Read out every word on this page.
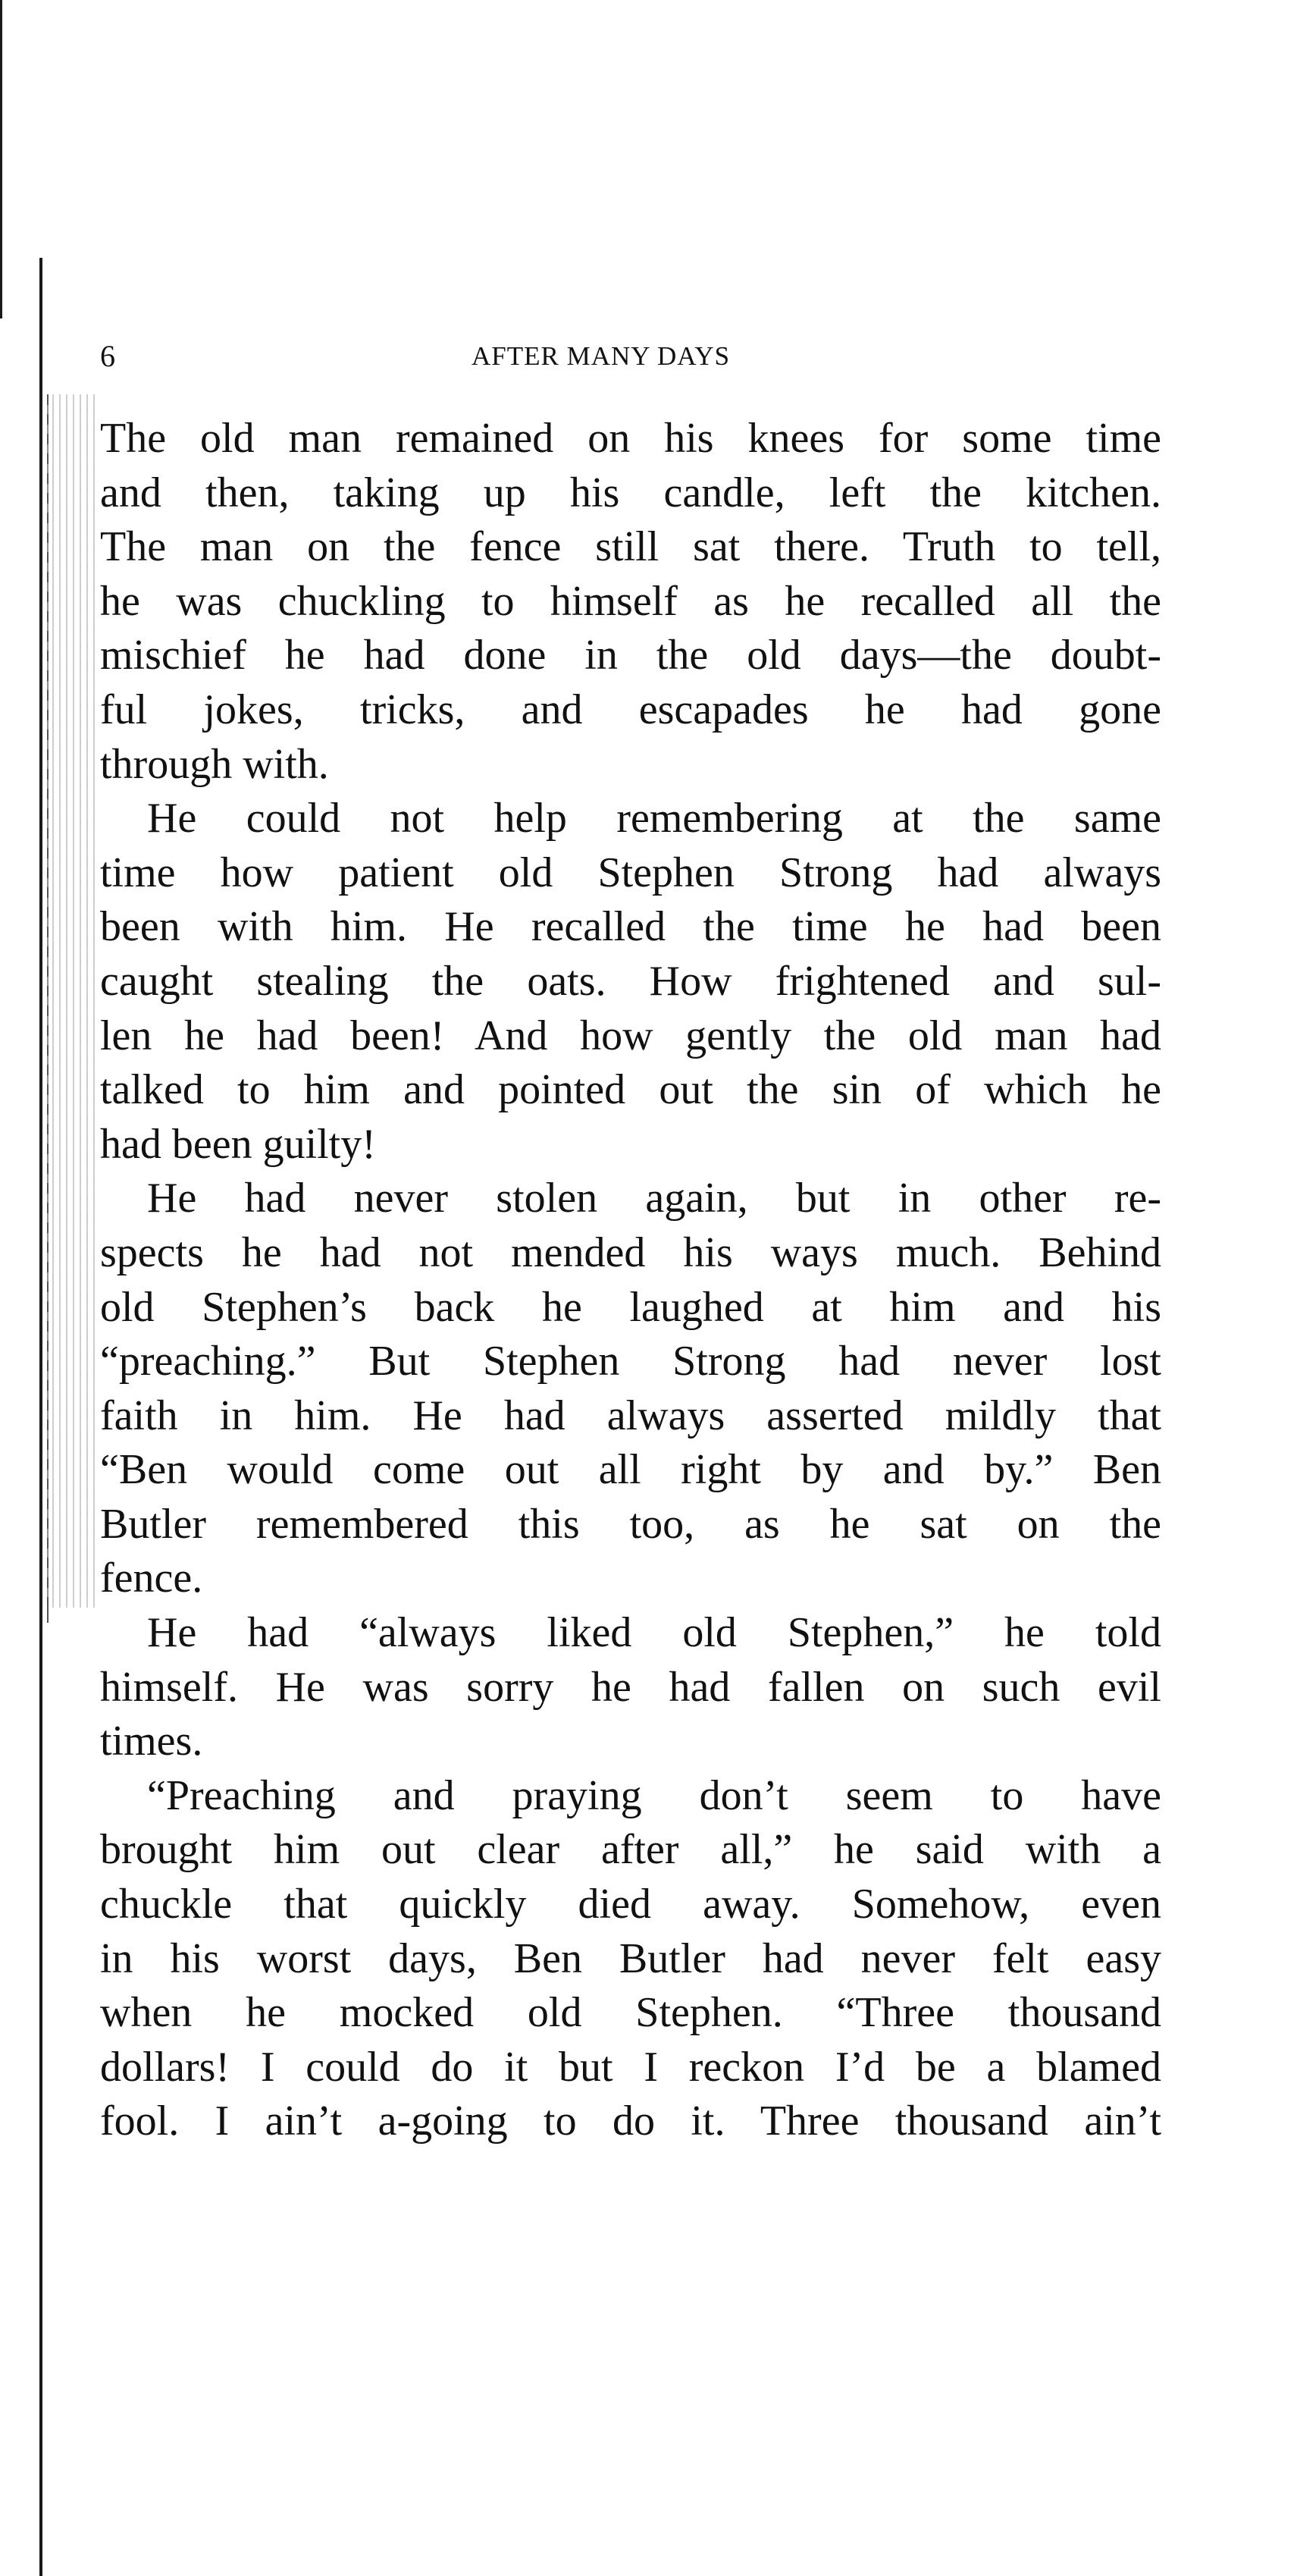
6	AFTER MANY DAYS
The old man remained on his knees for some time
and then, taking up his candle, left the kitchen.
The man on the fence still sat there. Truth to tell,
he was chuckling to himself as he recalled all the
mischief he had done in the old days—the doubt-
ful jokes, tricks, and escapades he had gone
through with.
He could not help remembering at the same
time how patient old Stephen Strong had always
been with him. He recalled the time he had been
caught stealing the oats. How frightened and sul-
len he had been! And how gently the old man had
talked to him and pointed out the sin of which he
had been guilty!
He had never stolen again, but in other re-
spects he had not mended his ways much. Behind
old Stephen’s back he laughed at him and his
“preaching.” But Stephen Strong had never lost
faith in him. He had always asserted mildly that
“Ben would come out all right by and by.” Ben
Butler remembered this too, as he sat on the
fence.
He had “always liked old Stephen,” he told
himself. He was sorry he had fallen on such evil
times.
“Preaching and praying don’t seem to have
brought him out clear after all,” he said with a
chuckle that quickly died away. Somehow, even
in his worst days, Ben Butler had never felt easy
when he mocked old Stephen. “Three thousand
dollars! I could do it but I reckon I’d be a blamed
fool. I ain’t a-going to do it. Three thousand ain’t
